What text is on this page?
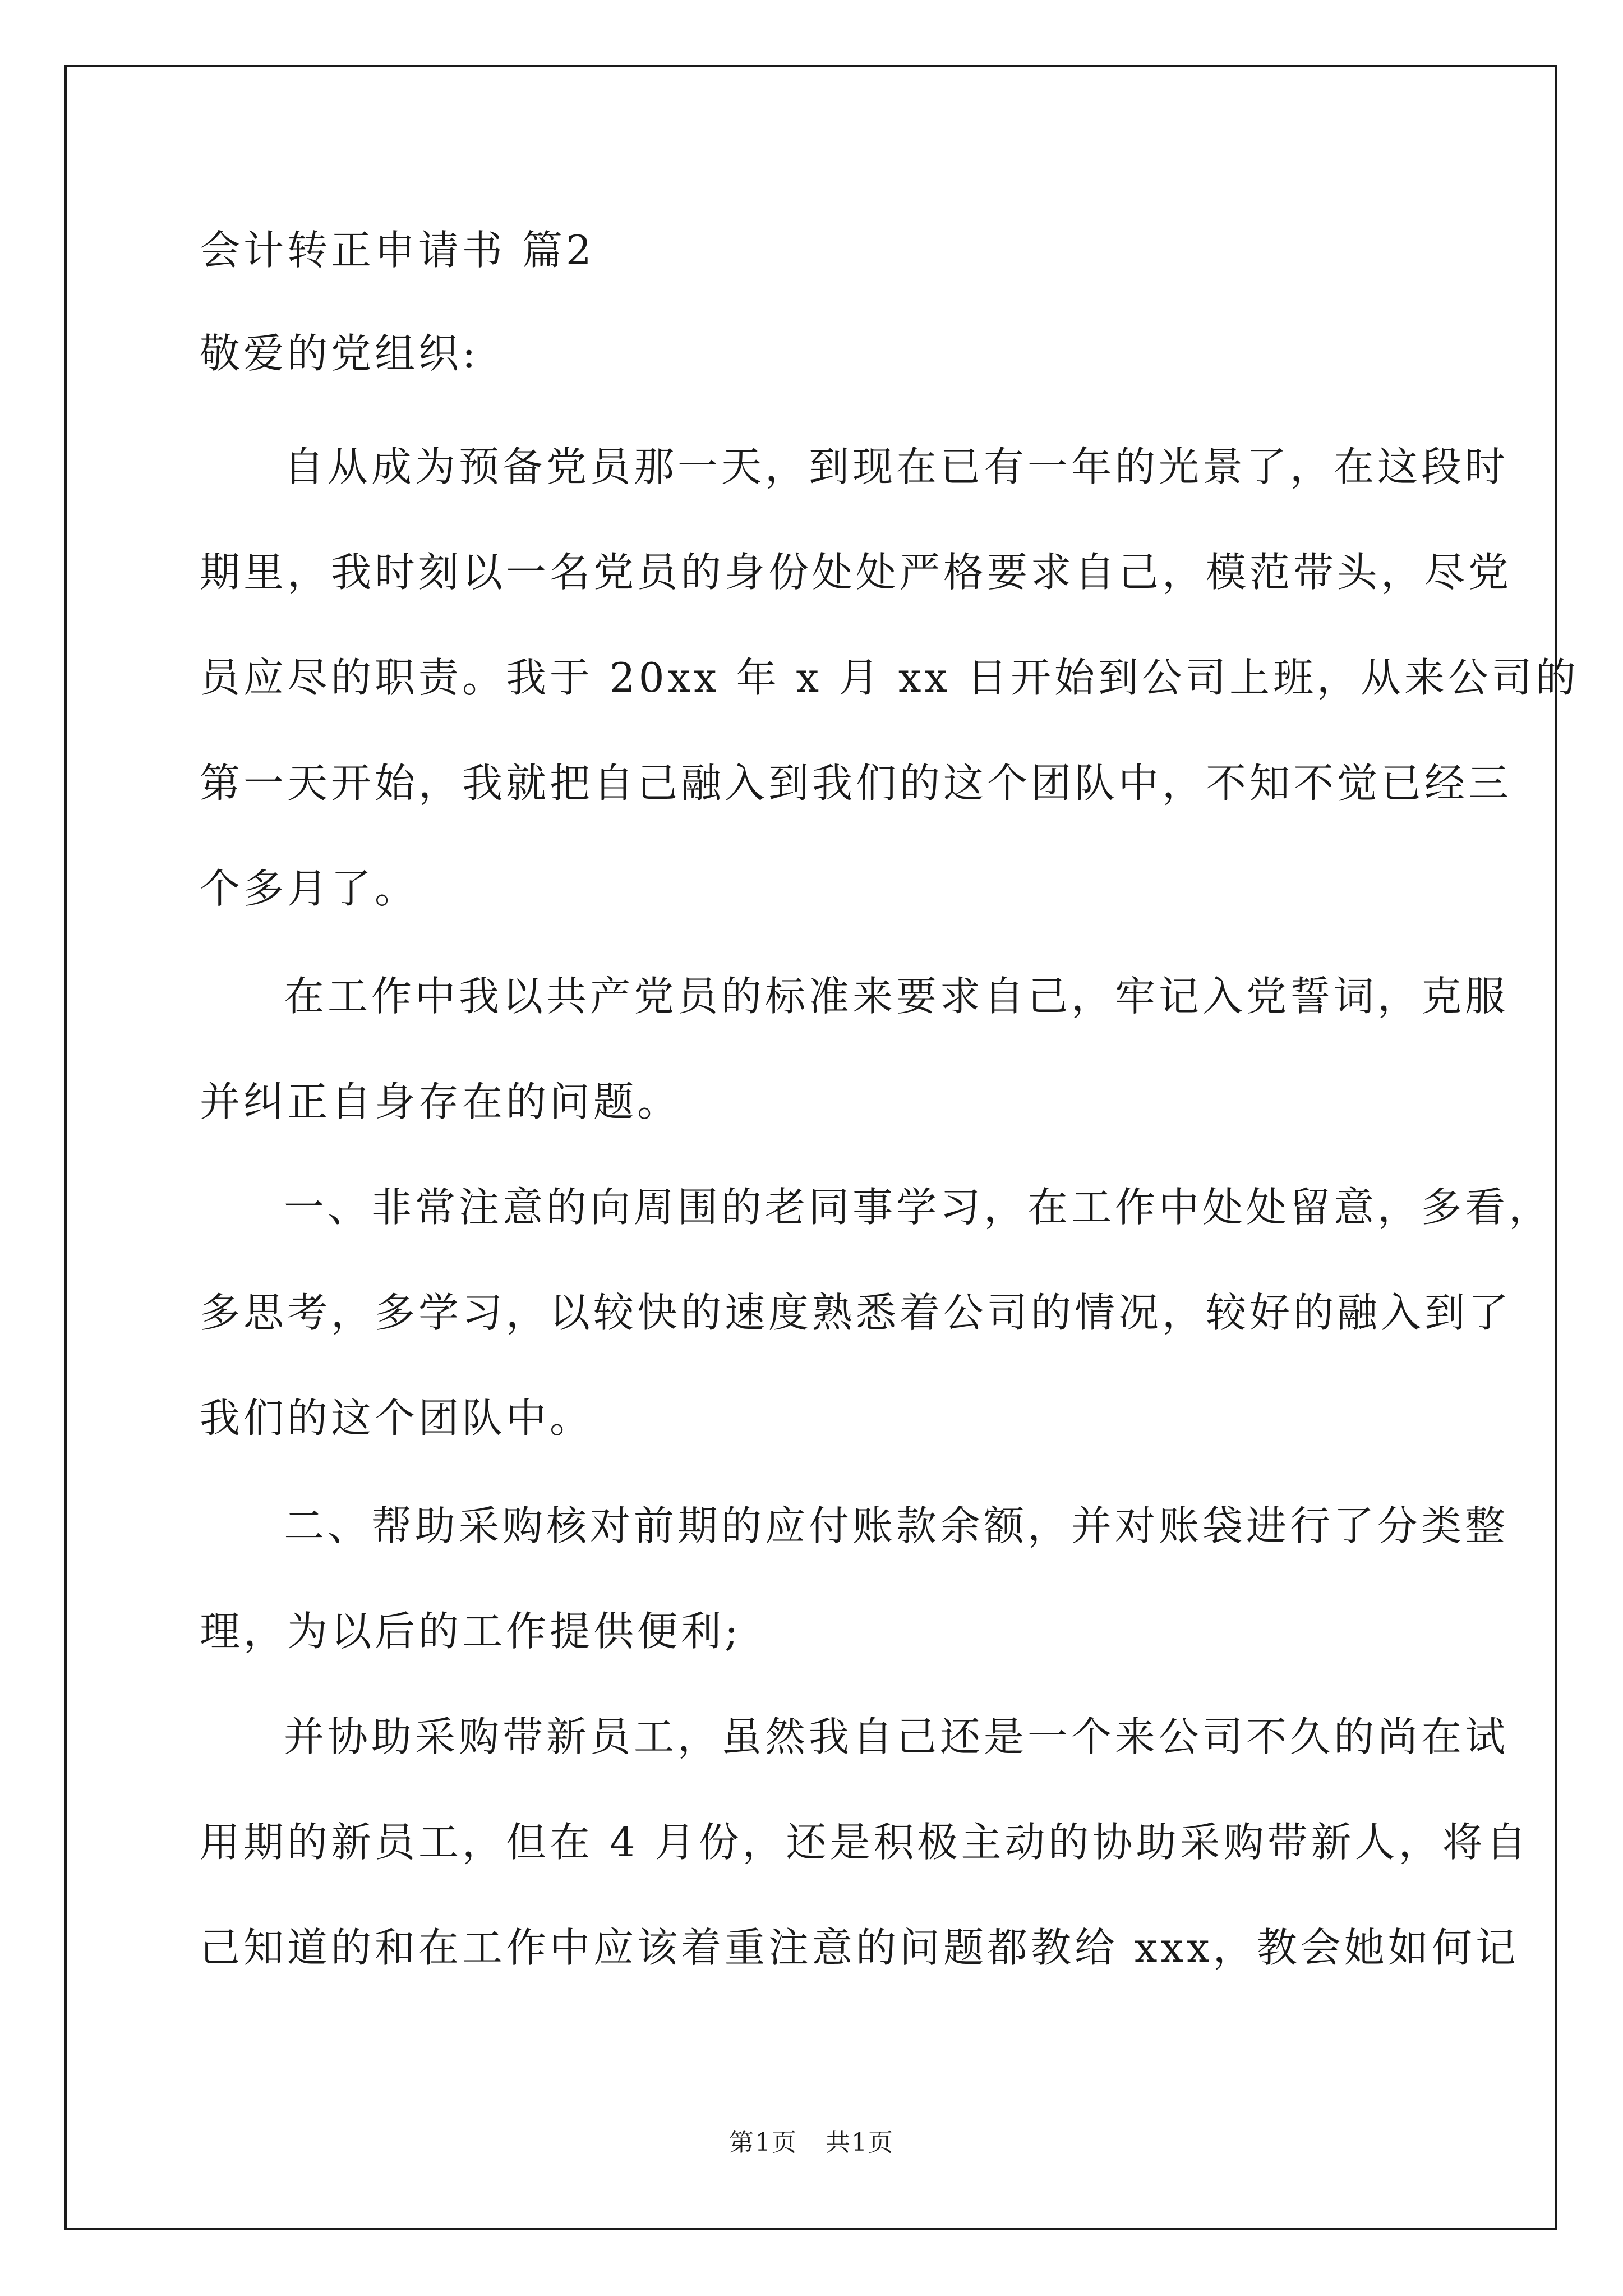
会计转正申请书 篇2
敬爱的党组织:
自从成为预备党员那一天，到现在已有一年的光景了，在这段时
期里，我时刻以一名党员的身份处处严格要求自己，模范带头，尽党
员应尽的职责。我于 20xx 年 x 月 xx 日开始到公司上班，从来公司的
第一天开始，我就把自己融入到我们的这个团队中，不知不觉已经三
个多月了。
在工作中我以共产党员的标准来要求自己，牢记入党誓词，克服
并纠正自身存在的问题。
一、非常注意的向周围的老同事学习，在工作中处处留意，多看，
多思考，多学习，以较快的速度熟悉着公司的情况，较好的融入到了
我们的这个团队中。
二、帮助采购核对前期的应付账款余额，并对账袋进行了分类整
理，为以后的工作提供便利;
并协助采购带新员工，虽然我自己还是一个来公司不久的尚在试
用期的新员工，但在 4 月份，还是积极主动的协助采购带新人，将自
己知道的和在工作中应该着重注意的问题都教给 xxx，教会她如何记
第1页 共1页
